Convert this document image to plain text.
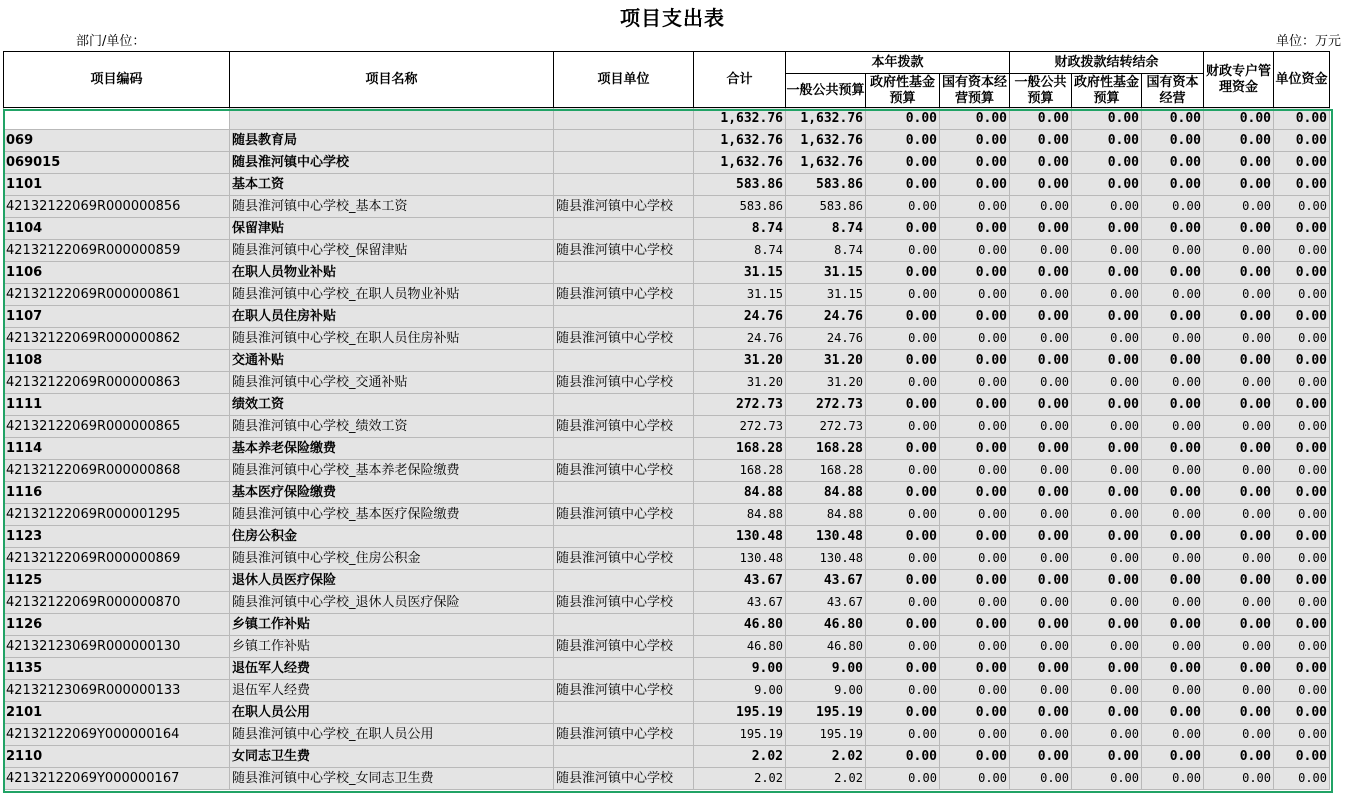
项目支出表
部门/单位：	单位：万元
项目编码	项目名称	项目单位	合计	本年拨款			财政拨款结转结余			财政专户管理资金	单位资金
				一般公共预算	政府性基金预算	国有资本经营预算	一般公共预算	政府性基金预算	国有资本经营		
			1,632.76	1,632.76	0.00	0.00	0.00	0.00	0.00	0.00	0.00
069	随县教育局		1,632.76	1,632.76	0.00	0.00	0.00	0.00	0.00	0.00	0.00
069015	随县淮河镇中心学校		1,632.76	1,632.76	0.00	0.00	0.00	0.00	0.00	0.00	0.00
1101	基本工资		583.86	583.86	0.00	0.00	0.00	0.00	0.00	0.00	0.00
42132122069R000000856	随县淮河镇中心学校_基本工资	随县淮河镇中心学校	583.86	583.86	0.00	0.00	0.00	0.00	0.00	0.00	0.00
1104	保留津贴		8.74	8.74	0.00	0.00	0.00	0.00	0.00	0.00	0.00
42132122069R000000859	随县淮河镇中心学校_保留津贴	随县淮河镇中心学校	8.74	8.74	0.00	0.00	0.00	0.00	0.00	0.00	0.00
1106	在职人员物业补贴		31.15	31.15	0.00	0.00	0.00	0.00	0.00	0.00	0.00
42132122069R000000861	随县淮河镇中心学校_在职人员物业补贴	随县淮河镇中心学校	31.15	31.15	0.00	0.00	0.00	0.00	0.00	0.00	0.00
1107	在职人员住房补贴		24.76	24.76	0.00	0.00	0.00	0.00	0.00	0.00	0.00
42132122069R000000862	随县淮河镇中心学校_在职人员住房补贴	随县淮河镇中心学校	24.76	24.76	0.00	0.00	0.00	0.00	0.00	0.00	0.00
1108	交通补贴		31.20	31.20	0.00	0.00	0.00	0.00	0.00	0.00	0.00
42132122069R000000863	随县淮河镇中心学校_交通补贴	随县淮河镇中心学校	31.20	31.20	0.00	0.00	0.00	0.00	0.00	0.00	0.00
1111	绩效工资		272.73	272.73	0.00	0.00	0.00	0.00	0.00	0.00	0.00
42132122069R000000865	随县淮河镇中心学校_绩效工资	随县淮河镇中心学校	272.73	272.73	0.00	0.00	0.00	0.00	0.00	0.00	0.00
1114	基本养老保险缴费		168.28	168.28	0.00	0.00	0.00	0.00	0.00	0.00	0.00
42132122069R000000868	随县淮河镇中心学校_基本养老保险缴费	随县淮河镇中心学校	168.28	168.28	0.00	0.00	0.00	0.00	0.00	0.00	0.00
1116	基本医疗保险缴费		84.88	84.88	0.00	0.00	0.00	0.00	0.00	0.00	0.00
42132122069R000001295	随县淮河镇中心学校_基本医疗保险缴费	随县淮河镇中心学校	84.88	84.88	0.00	0.00	0.00	0.00	0.00	0.00	0.00
1123	住房公积金		130.48	130.48	0.00	0.00	0.00	0.00	0.00	0.00	0.00
42132122069R000000869	随县淮河镇中心学校_住房公积金	随县淮河镇中心学校	130.48	130.48	0.00	0.00	0.00	0.00	0.00	0.00	0.00
1125	退休人员医疗保险		43.67	43.67	0.00	0.00	0.00	0.00	0.00	0.00	0.00
42132122069R000000870	随县淮河镇中心学校_退休人员医疗保险	随县淮河镇中心学校	43.67	43.67	0.00	0.00	0.00	0.00	0.00	0.00	0.00
1126	乡镇工作补贴		46.80	46.80	0.00	0.00	0.00	0.00	0.00	0.00	0.00
42132123069R000000130	乡镇工作补贴	随县淮河镇中心学校	46.80	46.80	0.00	0.00	0.00	0.00	0.00	0.00	0.00
1135	退伍军人经费		9.00	9.00	0.00	0.00	0.00	0.00	0.00	0.00	0.00
42132123069R000000133	退伍军人经费	随县淮河镇中心学校	9.00	9.00	0.00	0.00	0.00	0.00	0.00	0.00	0.00
2101	在职人员公用		195.19	195.19	0.00	0.00	0.00	0.00	0.00	0.00	0.00
42132122069Y000000164	随县淮河镇中心学校_在职人员公用	随县淮河镇中心学校	195.19	195.19	0.00	0.00	0.00	0.00	0.00	0.00	0.00
2110	女同志卫生费		2.02	2.02	0.00	0.00	0.00	0.00	0.00	0.00	0.00
42132122069Y000000167	随县淮河镇中心学校_女同志卫生费	随县淮河镇中心学校	2.02	2.02	0.00	0.00	0.00	0.00	0.00	0.00	0.00
